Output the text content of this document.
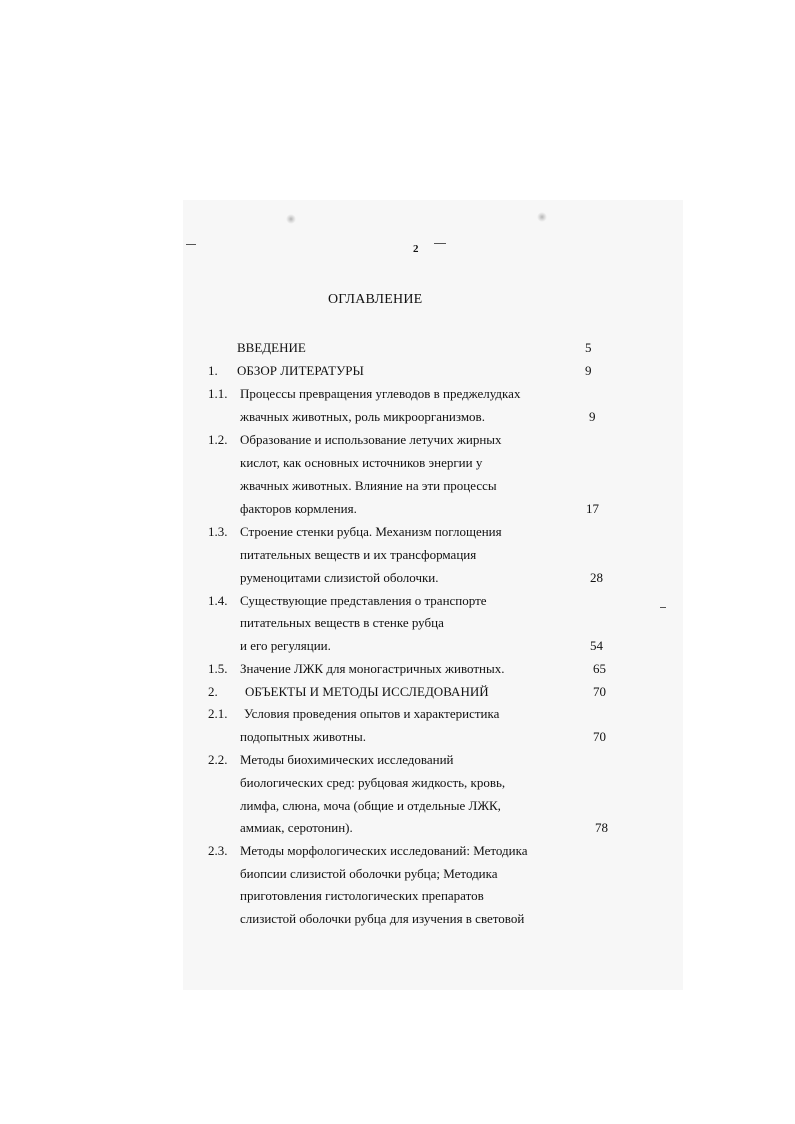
2
ОГЛАВЛЕНИЕ
ВВЕДЕНИЕ	5
1. ОБЗОР ЛИТЕРАТУРЫ	9
1.1. Процессы превращения углеводов в преджелудках
жвачных животных, роль микроорганизмов.	9
1.2. Образование и использование летучих жирных
кислот, как основных источников энергии у
жвачных животных. Влияние на эти процессы
факторов кормления.	17
1.3. Строение стенки рубца. Механизм поглощения
питательных веществ и их трансформация
руменоцитами слизистой оболочки.	28
1.4. Существующие представления о транспорте
питательных веществ в стенке рубца
и его регуляции.	54
1.5. Значение ЛЖК для моногастричных животных.	65
2. ОБЪЕКТЫ И МЕТОДЫ ИССЛЕДОВАНИЙ	70
2.1. Условия проведения опытов и характеристика
подопытных животны.	70
2.2. Методы биохимических исследований
биологических сред: рубцовая жидкость, кровь,
лимфа, слюна, моча (общие и отдельные ЛЖК,
аммиак, серотонин).	78
2.3. Методы морфологических исследований: Методика
биопсии слизистой оболочки рубца; Методика
приготовления гистологических препаратов
слизистой оболочки рубца для изучения в световой
